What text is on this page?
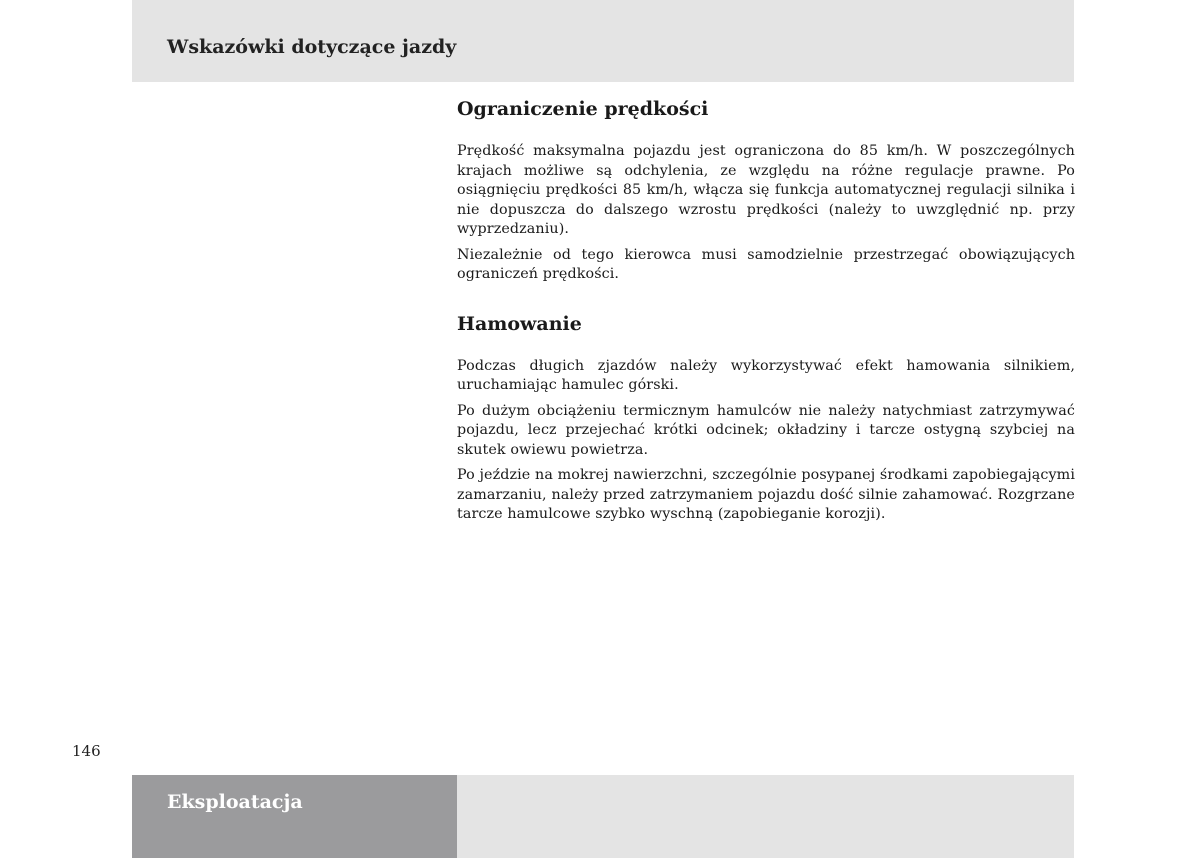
Wskazówki dotyczące jazdy
Ograniczenie prędkości

Prędkość maksymalna pojazdu jest ograniczona do 85 km/h. W poszczególnych krajach możliwe są odchylenia, ze względu na różne regulacje prawne. Po osiągnięciu prędkości 85 km/h, włącza się funkcja automatycznej regulacji silnika i nie dopuszcza do dalszego wzrostu prędkości (należy to uwzględnić np. przy wyprzedzaniu).

Niezależnie od tego kierowca musi samodzielnie przestrzegać obowiązujących ograniczeń prędkości.

Hamowanie

Podczas długich zjazdów należy wykorzystywać efekt hamowania silnikiem, uruchamiając hamulec górski.

Po dużym obciążeniu termicznym hamulców nie należy natychmiast zatrzymywać pojazdu, lecz przejechać krótki odcinek; okładziny i tarcze ostygną szybciej na skutek owiewu powietrza.

Po jeździe na mokrej nawierzchni, szczególnie posypanej środkami zapobiegającymi zamarzaniu, należy przed zatrzymaniem pojazdu dość silnie zahamować. Rozgrzane tarcze hamulcowe szybko wyschną (zapobieganie korozji).

146
Eksploatacja
